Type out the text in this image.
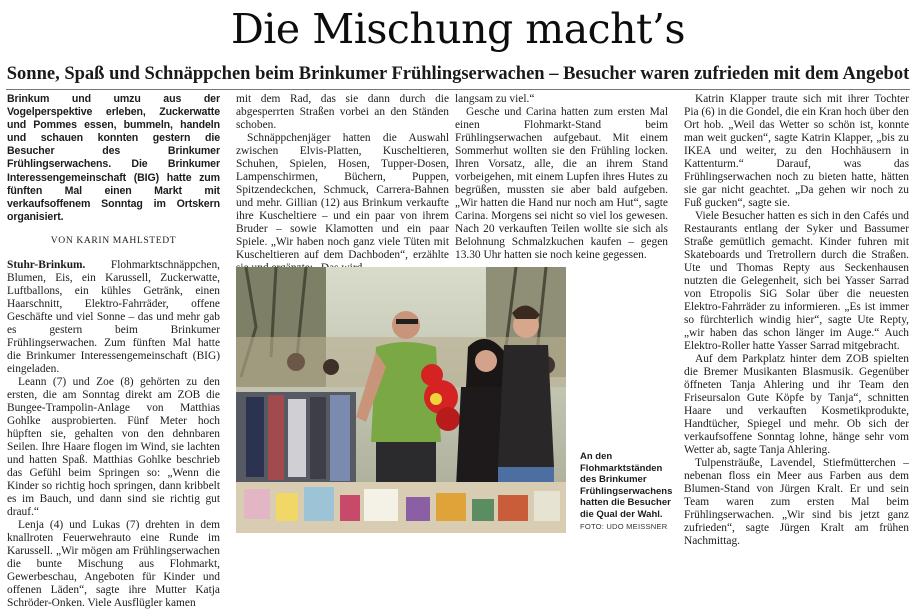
Die Mischung macht’s
Sonne, Spaß und Schnäppchen beim Brinkumer Frühlingserwachen – Besucher waren zufrieden mit dem Angebot
Brinkum und umzu aus der Vogelperspektive erleben, Zuckerwatte und Pommes essen, bummeln, handeln und schauen konnten gestern die Besucher des Brinkumer Frühlingserwachens. Die Brinkumer Interessengemeinschaft (BIG) hatte zum fünften Mal einen Markt mit verkaufsoffenem Sonntag im Ortskern organisiert.
VON KARIN MAHLSTEDT

Stuhr-Brinkum. Flohmarktschnäppchen, Blumen, Eis, ein Karussell, Zuckerwatte, Luftballons, ein kühles Getränk, einen Haarschnitt, Elektro-Fahrräder, offene Geschäfte und viel Sonne – das und mehr gab es gestern beim Brinkumer Frühlingserwachen. Zum fünften Mal hatte die Brinkumer Interessengemeinschaft (BIG) eingeladen.

Leann (7) und Zoe (8) gehörten zu den ersten, die am Sonntag direkt am ZOB die Bungee-Trampolin-Anlage von Matthias Gohlke ausprobierten. Fünf Meter hoch hüpften sie, gehalten von den dehnbaren Seilen. Ihre Haare flogen im Wind, sie lachten und hatten Spaß. Matthias Gohlke beschrieb das Gefühl beim Springen so: „Wenn die Kinder so richtig hoch springen, dann kribbelt es im Bauch, und dann sind sie richtig gut drauf.“

Lenja (4) und Lukas (7) drehten in dem knallroten Feuerwehrauto eine Runde im Karussell. „Wir mögen am Frühlingserwachen die bunte Mischung aus Flohmarkt, Gewerbeschau, Angeboten für Kinder und offenen Läden“, sagte ihre Mutter Katja Schröder-Onken. Viele Ausflügler kamen

mit dem Rad, das sie dann durch die abgesperrten Straßen vorbei an den Ständen schoben.

Schnäppchenjäger hatten die Auswahl zwischen Elvis-Platten, Kuscheltieren, Schuhen, Spielen, Hosen, Tupper-Dosen, Lampenschirmen, Büchern, Puppen, Spitzendeckchen, Schmuck, Carrera-Bahnen und mehr. Gillian (12) aus Brinkum verkaufte ihre Kuscheltiere – und ein paar von ihrem Bruder – sowie Klamotten und ein paar Spiele. „Wir haben noch ganz viele Tüten mit Kuscheltieren auf dem Dachboden“, erzählte

langsam zu viel.“

Gesche und Carina hatten zum ersten Mal einen Flohmarkt-Stand beim Frühlingserwachen aufgebaut. Mit einem Sommerhut wollten sie den Frühling locken. Ihren Vorsatz, alle, die an ihrem Stand vorbeigehen, mit einem Lupfen ihres Hutes zu begrüßen, mussten sie aber bald aufgeben. „Wir hatten die Hand nur noch am Hut“, sagte Carina. Morgens sei nicht so viel los gewesen. Nach 20 verkauften Teilen wollte sie sich als Belohnung Schmalzkuchen kaufen – gegen 13.30 Uhr hatten sie noch keine gegessen.

Katrin Klapper traute sich mit ihrer Tochter Pia (6) in die Gondel, die ein Kran hoch über den Ort hob. „Weil das Wetter so schön ist, konnte man weit gucken“, sagte Katrin Klapper, „bis zu IKEA und weiter, zu den Hochhäusern in Kattenturm.“ Darauf, was das Frühlingserwachen noch zu bieten hatte, hätten sie gar nicht geachtet. „Da gehen wir noch zu Fuß gucken“, sagte sie.

Viele Besucher hatten es sich in den Cafés und Restaurants entlang der Syker und Bassumer Straße gemütlich gemacht. Kinder fuhren mit Skateboards und Tretrollern durch die Straßen. Ute und Thomas Repty aus Seckenhausen nutzten die Gelegenheit, sich bei Yasser Sarrad von Etropolis SiG Solar über die neuesten Elektro-Fahrräder zu informieren. „Es ist immer so fürchterlich windig hier“, sagte Ute Repty, „wir haben das schon länger im Auge.“ Auch Elektro-Roller hatte Yasser Sarrad mitgebracht.

Auf dem Parkplatz hinter dem ZOB spielten die Bremer Musikanten Blasmusik. Gegenüber öffneten Tanja Ahlering und ihr Team den Friseursalon Gute Köpfe by Tanja“, schnitten Haare und verkauften Kosmetikprodukte, Handtücher, Spiegel und mehr. Ob sich der verkaufsoffene Sonntag lohne, hänge sehr vom Wetter ab, sagte Tanja Ahlering.

Tulpensträuße, Lavendel, Stiefmütterchen – nebenan floss ein Meer aus Farben aus dem Blumen-Stand von Jürgen Kralt. Er und sein Team waren zum ersten Mal beim Frühlingserwachen. „Wir sind bis jetzt ganz zufrieden“, sagte Jürgen Kralt am frühen Nachmittag.

An den Flohmarktständen des Brinkumer Frühlingserwachens hatten die Besucher die Qual der Wahl.
FOTO: UDO MEISSNER
